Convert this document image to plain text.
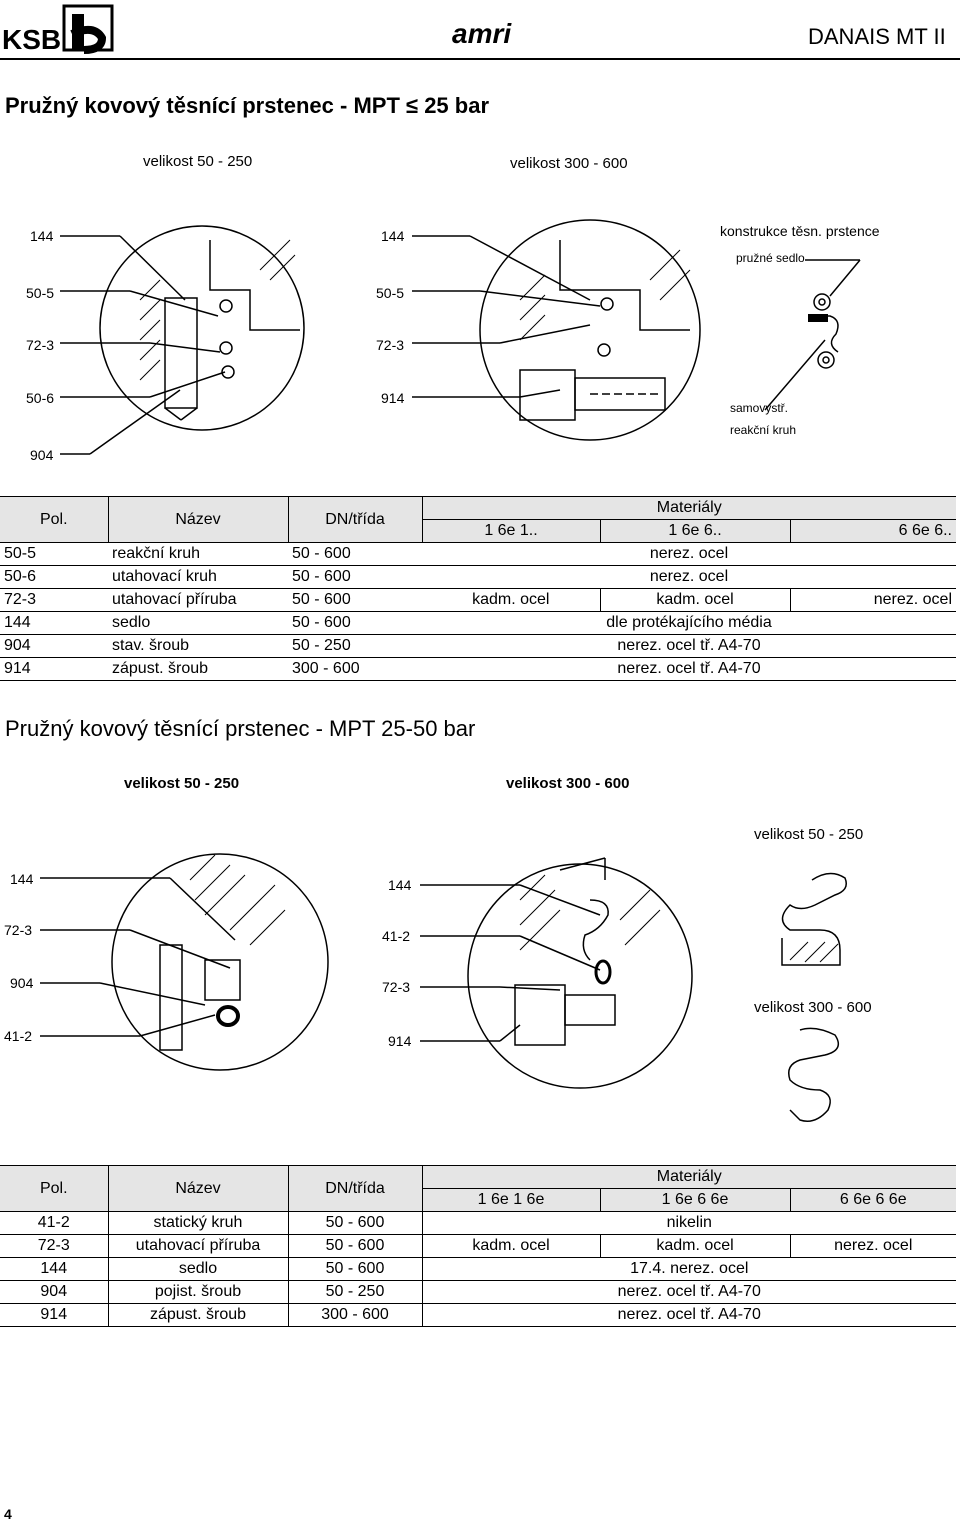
KSB	amri	DANAIS MT II
Pružný kovový těsnící prstenec - MPT ≤ 25 bar
velikost 50 - 250	velikost 300 - 600
144
50-5
72-3
50-6
904
144
50-5
72-3
914
konstrukce těsn. prstence
pružné sedlo
samovystř.
reakční kruh
Pol.	Název	DN/třída	Materiály		
			1 6e 1..	1 6e 6..	6 6e 6..
50-5	reakční kruh	50 - 600	nerez. ocel		
50-6	utahovací kruh	50 - 600	nerez. ocel		
72-3	utahovací příruba	50 - 600	kadm. ocel	kadm. ocel	nerez. ocel
144	sedlo	50 - 600	dle protékajícího média		
904	stav. šroub	50 - 250	nerez. ocel tř. A4-70		
914	zápust. šroub	300 - 600	nerez. ocel tř. A4-70		
Pružný kovový těsnící prstenec - MPT 25-50 bar
velikost 50 - 250	velikost 300 - 600
velikost 50 - 250
velikost 300 - 600
144
72-3
904
41-2
144
41-2
72-3
914
Pol.	Název	DN/třída	Materiály		
			1 6e 1 6e	1 6e 6 6e	6 6e 6 6e
41-2	statický kruh	50 - 600	nikelin		
72-3	utahovací příruba	50 - 600	kadm. ocel	kadm. ocel	nerez. ocel
144	sedlo	50 - 600	17.4. nerez. ocel		
904	pojist. šroub	50 - 250	nerez. ocel tř. A4-70		
914	zápust. šroub	300 - 600	nerez. ocel tř. A4-70		
4
